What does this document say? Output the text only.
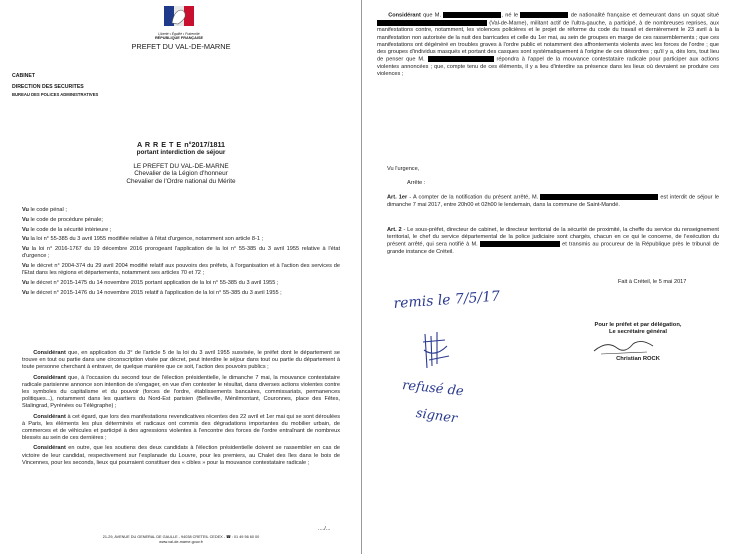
Liberté • Égalité • Fraternité
RÉPUBLIQUE FRANÇAISE
PREFET DU VAL-DE-MARNE
CABINET
DIRECTION DES SECURITES
BUREAU DES POLICES ADMINISTRATIVES
A R R E T E n°2017/1811
portant interdiction de séjour
LE PREFET DU VAL-DE-MARNE
Chevalier de la Légion d'honneur
Chevalier de l'Ordre national du Mérite
Vu le code pénal ;
Vu le code de procédure pénale;
Vu le code de la sécurité intérieure ;
Vu la loi n° 55-385 du 3 avril 1955 modifiée relative à l'état d'urgence, notamment son article 8-1 ;
Vu la loi n° 2016-1767 du 19 décembre 2016 prorogeant l'application de la loi n° 55-385 du 3 avril 1955 relative à l'état d'urgence ;
Vu le décret n° 2004-374 du 29 avril 2004 modifié relatif aux pouvoirs des préfets, à l'organisation et à l'action des services de l'Etat dans les régions et départements, notamment ses articles 70 et 72 ;
Vu le décret n° 2015-1475 du 14 novembre 2015 portant application de la loi n° 55-385 du 3 avril 1955 ;
Vu le décret n° 2015-1476 du 14 novembre 2015 relatif à l'application de la loi n° 55-385 du 3 avril 1955 ;
  Considérant que, en application du 3° de l'article 5 de la loi du 3 avril 1955 susvisée, le préfet dont le département se trouve en tout ou partie dans une circonscription visée par décret, peut interdire le séjour dans tout ou partie du département à toute personne cherchant à entraver, de quelque manière que ce soit, l'action des pouvoirs publics ;
  Considérant que, à l'occasion du second tour de l'élection présidentielle, le dimanche 7 mai, la mouvance contestataire radicale parisienne annonce son intention de s'engager, en vue d'en contester le résultat, dans diverses actions violentes contre les symboles du capitalisme et du pouvoir (forces de l'ordre, établissements bancaires, commissariats, permanences politiques...), notamment dans les quartiers du Nord-Est parisien (Belleville, Ménilmontant, Couronnes, place des Fêtes, Stalingrad, Pyrénées ou Télégraphe) ;
  Considérant à cet égard, que lors des manifestations revendicatives récentes des 22 avril et 1er mai qui se sont déroulées à Paris, les éléments les plus déterminés et radicaux ont commis des dégradations importantes du mobilier urbain, de commerces et de véhicules et participé à des agressions violentes à l'encontre des forces de l'ordre entraînant de nombreux blessés au sein de ces dernières ;
  Considérant en outre, que les soutiens des deux candidats à l'élection présidentielle doivent se rassembler en cas de victoire de leur candidat, respectivement sur l'esplanade du Louvre, pour les premiers, au Chalet des îles dans le bois de Vincennes, pour les seconds, lieux qui pourraient constituer des « cibles » pour la mouvance contestataire radicale ;
..../...
21-29, AVENUE DU GENERAL DE GAULLE - 94038 CRETEIL CEDEX - ☎ : 01 49 56 60 00
www.val-de-marne.gouv.fr
  Considérant que M.	, né le	de nationalité française et demeurant dans un squat situé  (Val-de-Marne), militant actif de l'ultra-gauche, a participé, à de nombreuses reprises, aux manifestations contre, notamment, les violences policières et le projet de réforme du code du travail et dernièrement le 23 avril à la manifestation non autorisée de la nuit des barricades et celle du 1er mai, au sein de groupes en marge de ces rassemblements ; que ces manifestations ont dégénéré en troubles graves à l'ordre public et notamment des affrontements violents avec les forces de l'ordre ; que des groupes d'individus masqués et portant des casques sont systématiquement à l'origine de ces désordres ; qu'il y a, dès lors, tout lieu de penser que M.	répondra à l'appel de la mouvance contestataire radicale pour participer aux actions violentes annoncées ; que, compte tenu de ces éléments, il y a lieu d'interdire sa présence dans les lieux où devraient se produire ces violences ;
Vu l'urgence,
Arrête :
Art. 1er - A compter de la notification du présent arrêté, M.	est interdit de séjour le dimanche 7 mai 2017, entre 20h00 et 02h00 le lendemain, dans la commune de Saint-Mandé.
Art. 2 - Le sous-préfet, directeur de cabinet, le directeur territorial de la sécurité de proximité, la cheffe du service du renseignement territorial, le chef du service départemental de la police judiciaire sont chargés, chacun en ce qui le concerne, de l'exécution du présent arrêté, qui sera notifié à M.	et transmis au procureur de la République près le tribunal de grande instance de Créteil.
Fait à Créteil, le 5 mai 2017
remis le 7/5/17
Pour le préfet et par délégation,
Le secrétaire général
Christian ROCK
refusé de
signer
